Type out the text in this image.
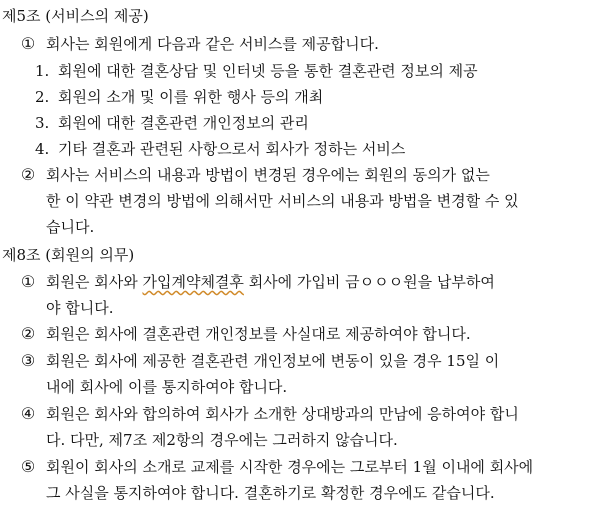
제5조 (서비스의 제공)
① 회사는 회원에게 다음과 같은 서비스를 제공합니다.
1. 회원에 대한 결혼상담 및 인터넷 등을 통한 결혼관련 정보의 제공
2. 회원의 소개 및 이를 위한 행사 등의 개최
3. 회원에 대한 결혼관련 개인정보의 관리
4. 기타 결혼과 관련된 사항으로서 회사가 정하는 서비스
② 회사는 서비스의 내용과 방법이 변경된 경우에는 회원의 동의가 없는
한 이 약관 변경의 방법에 의해서만 서비스의 내용과 방법을 변경할 수 있
습니다.
제8조 (회원의 의무)
① 회원은 회사와 가입계약체결후 회사에 가입비 금ㅇㅇㅇ원을 납부하여
야 합니다.
② 회원은 회사에 결혼관련 개인정보를 사실대로 제공하여야 합니다.
③ 회원은 회사에 제공한 결혼관련 개인정보에 변동이 있을 경우 15일 이
내에 회사에 이를 통지하여야 합니다.
④ 회원은 회사와 합의하여 회사가 소개한 상대방과의 만남에 응하여야 합니
다. 다만, 제7조 제2항의 경우에는 그러하지 않습니다.
⑤ 회원이 회사의 소개로 교제를 시작한 경우에는 그로부터 1월 이내에 회사에
그 사실을 통지하여야 합니다. 결혼하기로 확정한 경우에도 같습니다.
